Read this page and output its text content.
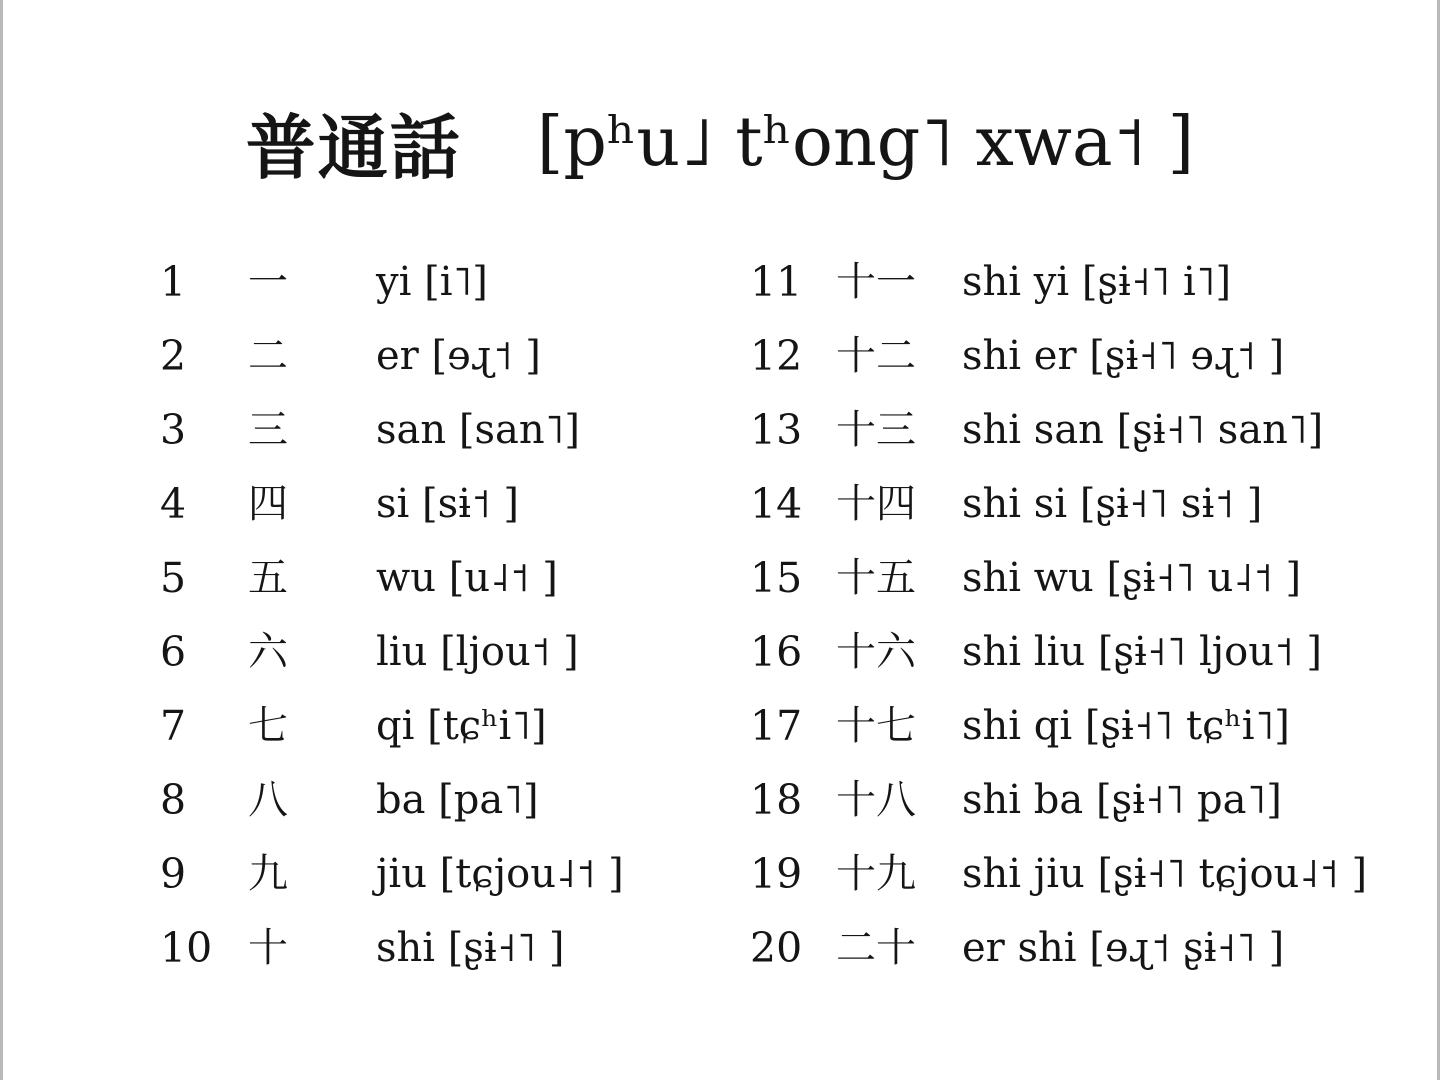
普通話 [pʰu˩ tʰong˥ xwa˦ ]
1 一 yi [i˥]
2 二 er [ɘɻ˦ ]
3 三 san [san˥]
4 四 si [sɨ˦ ]
5 五 wu [u˨˦ ]
6 六 liu [ljou˦ ]
7 七 qi [tɕʰi˥]
8 八 ba [pa˥]
9 九 jiu [tɕjou˨˦ ]
10 十 shi [ʂɨ˧˥ ]
11 十一 shi yi [ʂɨ˧˥ i˥]
12 十二 shi er [ʂɨ˧˥ ɘɻ˦ ]
13 十三 shi san [ʂɨ˧˥ san˥]
14 十四 shi si [ʂɨ˧˥ sɨ˦ ]
15 十五 shi wu [ʂɨ˧˥ u˨˦ ]
16 十六 shi liu [ʂɨ˧˥ ljou˦ ]
17 十七 shi qi [ʂɨ˧˥ tɕʰi˥]
18 十八 shi ba [ʂɨ˧˥ pa˥]
19 十九 shi jiu [ʂɨ˧˥ tɕjou˨˦ ]
20 二十 er shi [ɘɻ˦ ʂɨ˧˥ ]
